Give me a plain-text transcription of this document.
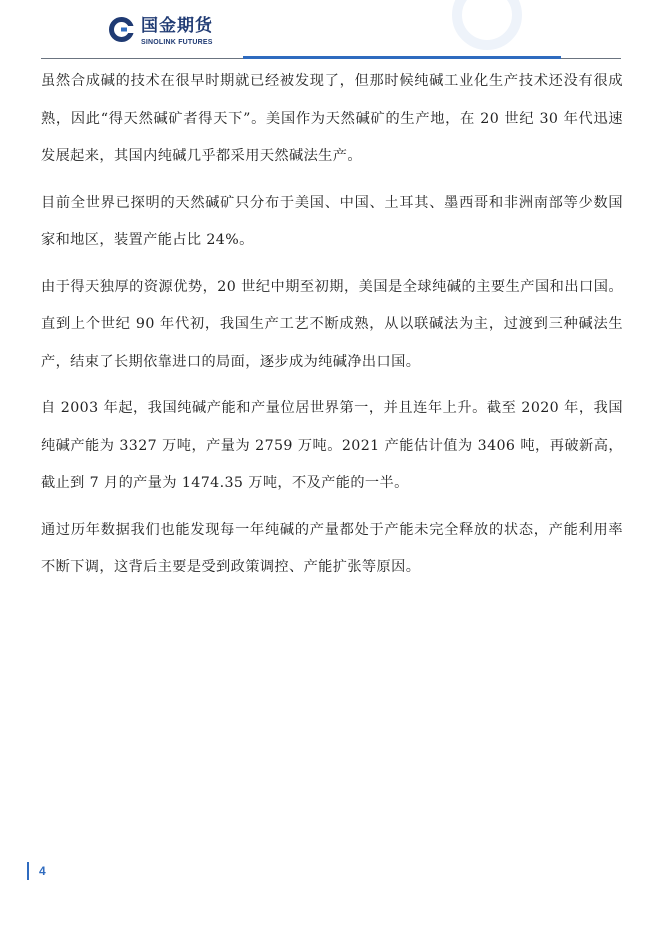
国金期货
SINOLINK FUTURES

虽然合成碱的技术在很早时期就已经被发现了，但那时候纯碱工业化生产技术还没有很成熟，因此“得天然碱矿者得天下”。美国作为天然碱矿的生产地，在 20 世纪 30 年代迅速发展起来，其国内纯碱几乎都采用天然碱法生产。

目前全世界已探明的天然碱矿只分布于美国、中国、土耳其、墨西哥和非洲南部等少数国家和地区，装置产能占比 24%。

由于得天独厚的资源优势，20 世纪中期至初期，美国是全球纯碱的主要生产国和出口国。直到上个世纪 90 年代初，我国生产工艺不断成熟，从以联碱法为主，过渡到三种碱法生产，结束了长期依靠进口的局面，逐步成为纯碱净出口国。

自 2003 年起，我国纯碱产能和产量位居世界第一，并且连年上升。截至 2020 年，我国纯碱产能为 3327 万吨，产量为 2759 万吨。2021 产能估计值为 3406 吨，再破新高，截止到 7 月的产量为 1474.35 万吨，不及产能的一半。

通过历年数据我们也能发现每一年纯碱的产量都处于产能未完全释放的状态，产能利用率不断下调，这背后主要是受到政策调控、产能扩张等原因。

4
